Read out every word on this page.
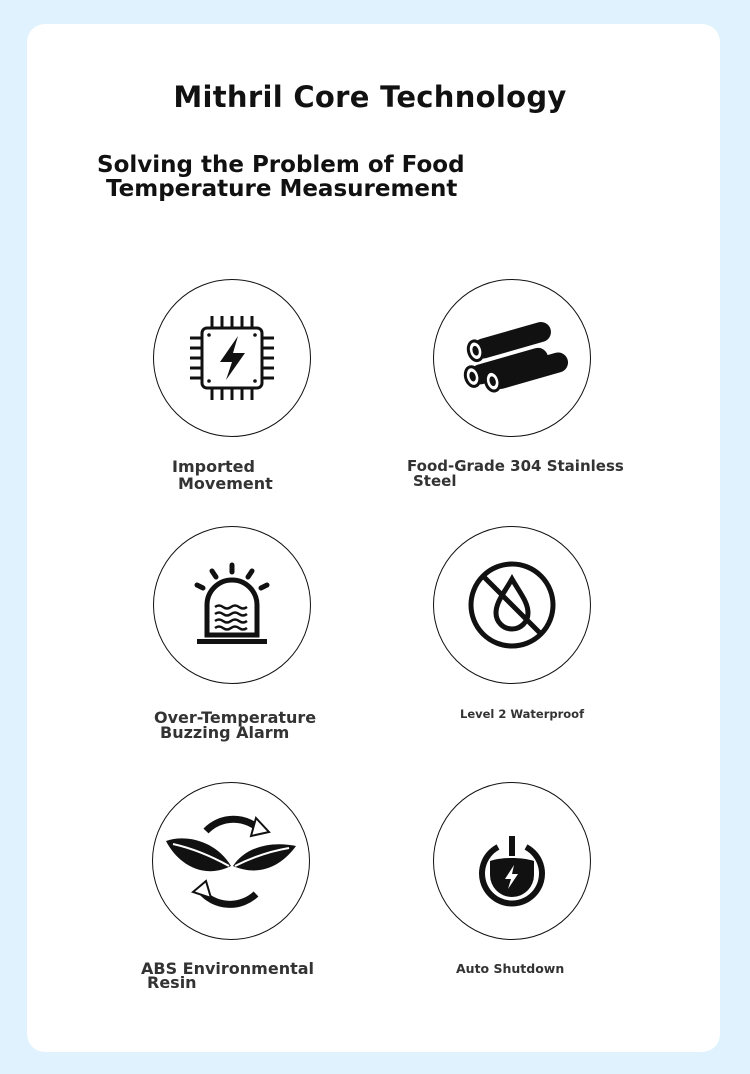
Mithril Core Technology
Solving the Problem of Food
Temperature Measurement

Imported
Movement

Food-Grade 304 Stainless
Steel

Over-Temperature
Buzzing Alarm

Level 2 Waterproof

ABS Environmental
Resin

Auto Shutdown
